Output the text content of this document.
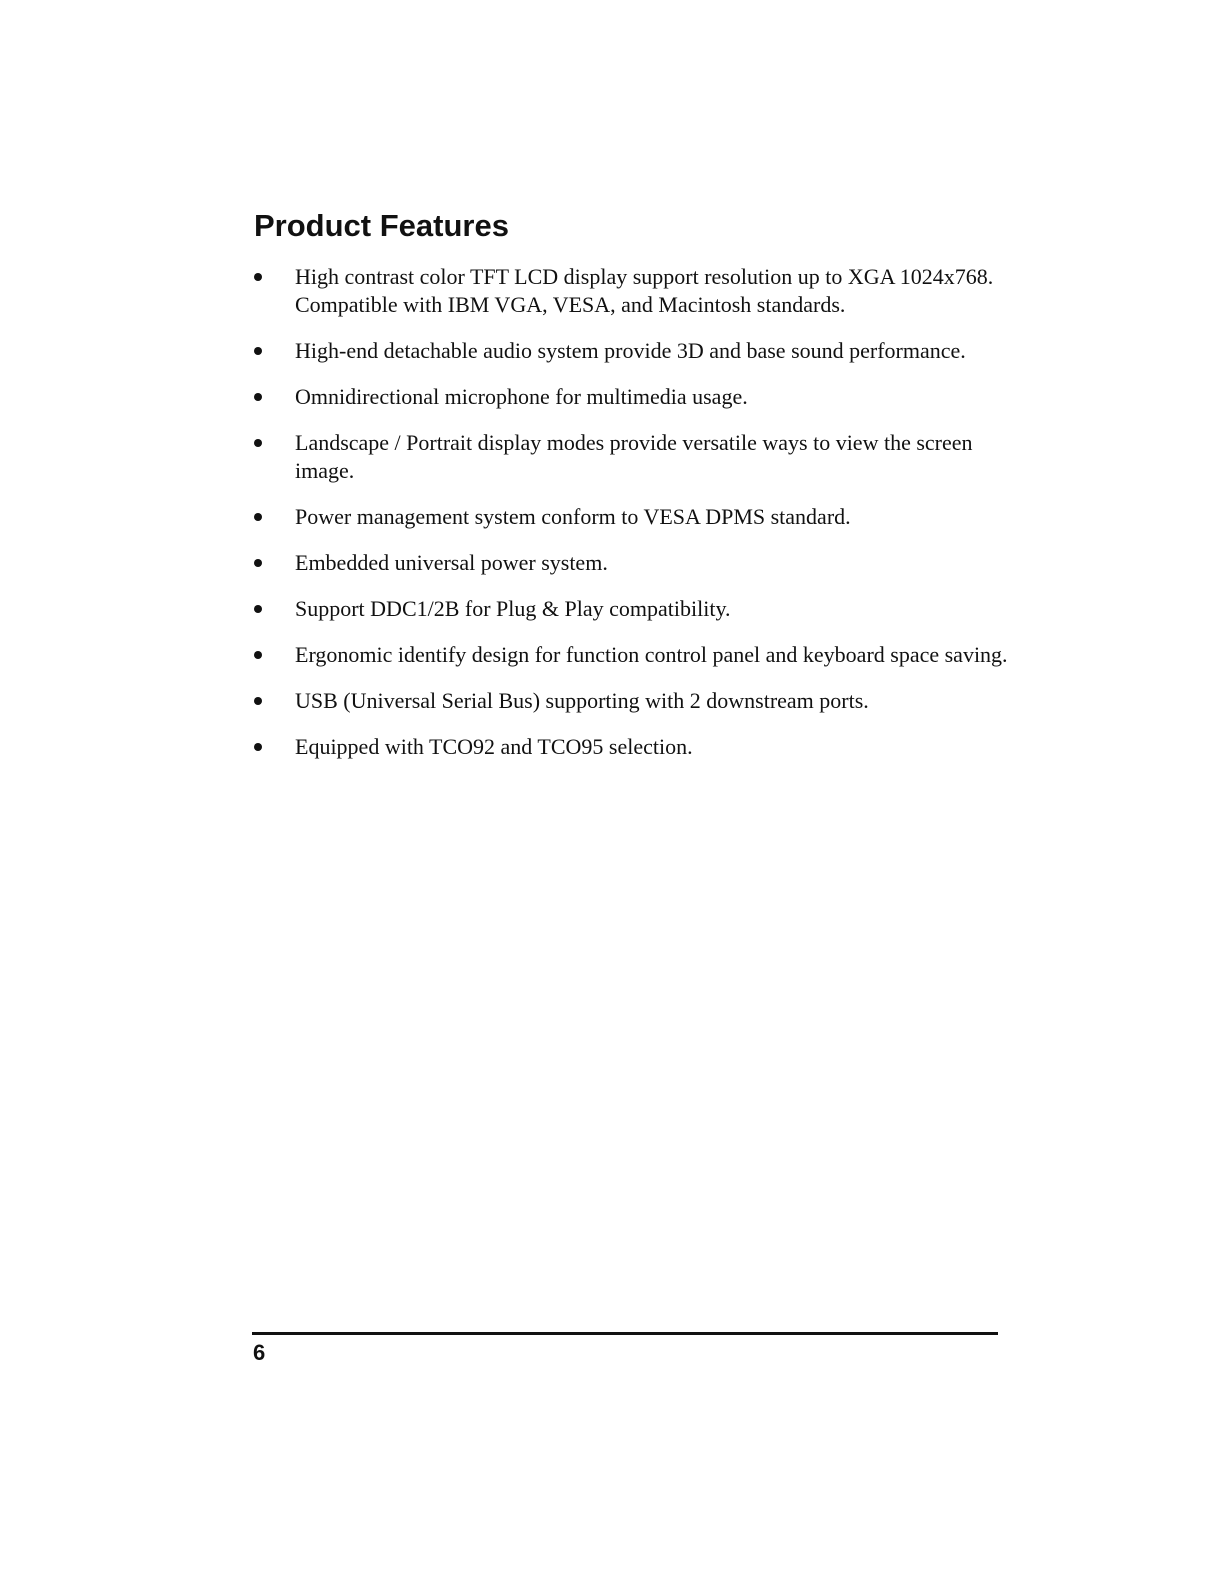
Product Features
High contrast color TFT LCD display support resolution up to XGA 1024x768. Compatible with IBM VGA, VESA, and Macintosh standards.
High-end detachable audio system provide 3D and base sound performance.
Omnidirectional microphone for multimedia usage.
Landscape / Portrait display modes provide versatile ways to view the screen image.
Power management system conform to VESA DPMS standard.
Embedded universal power system.
Support DDC1/2B for Plug & Play compatibility.
Ergonomic identify design for function control panel and keyboard space saving.
USB (Universal Serial Bus) supporting with 2 downstream ports.
Equipped with TCO92 and TCO95 selection.
6
